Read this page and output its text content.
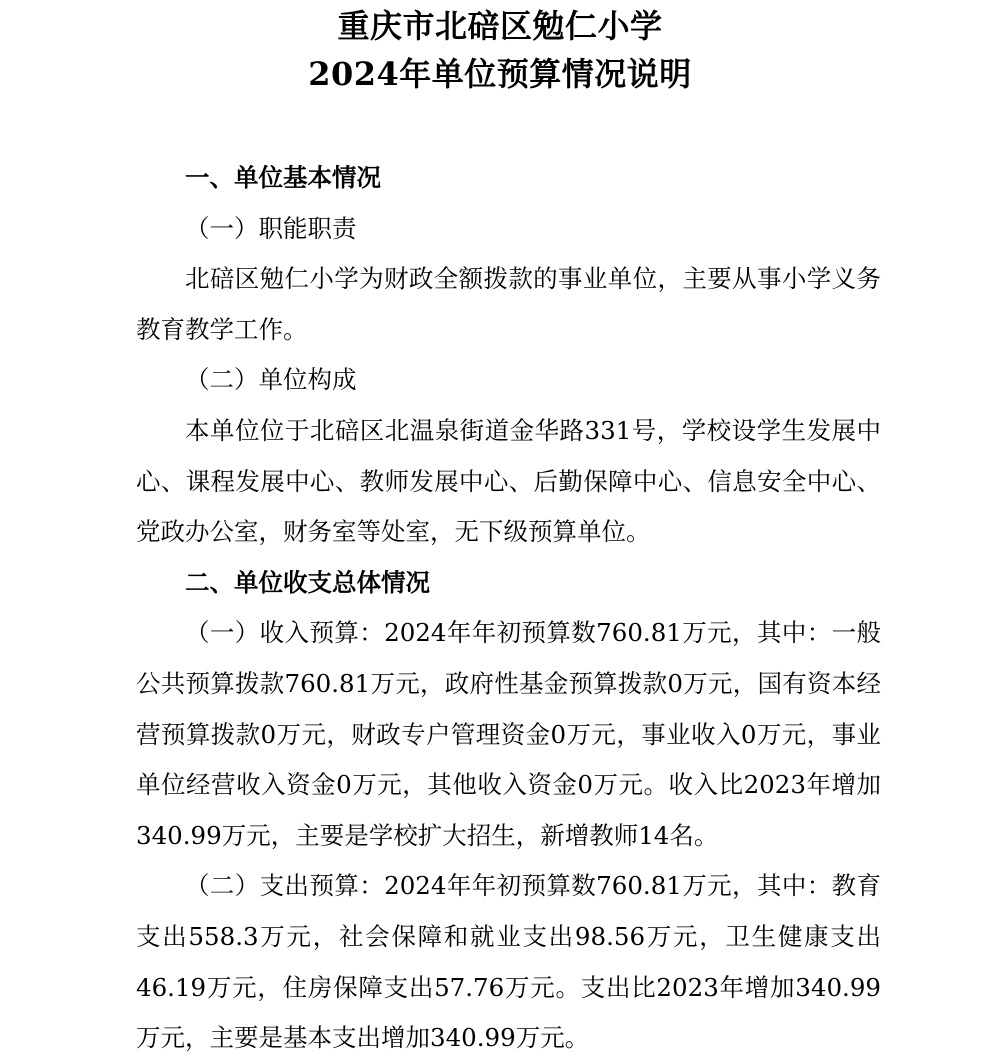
重庆市北碚区勉仁小学
2024年单位预算情况说明

一、单位基本情况

（一）职能职责

北碚区勉仁小学为财政全额拨款的事业单位，主要从事小学义务教育教学工作。

（二）单位构成

本单位位于北碚区北温泉街道金华路331号，学校设学生发展中心、课程发展中心、教师发展中心、后勤保障中心、信息安全中心、党政办公室，财务室等处室，无下级预算单位。

二、单位收支总体情况

（一）收入预算：2024年年初预算数760.81万元，其中：一般公共预算拨款760.81万元，政府性基金预算拨款0万元，国有资本经营预算拨款0万元，财政专户管理资金0万元，事业收入0万元，事业单位经营收入资金0万元，其他收入资金0万元。收入比2023年增加340.99万元，主要是学校扩大招生，新增教师14名。

（二）支出预算：2024年年初预算数760.81万元，其中：教育支出558.3万元，社会保障和就业支出98.56万元，卫生健康支出46.19万元，住房保障支出57.76万元。支出比2023年增加340.99万元，主要是基本支出增加340.99万元。
